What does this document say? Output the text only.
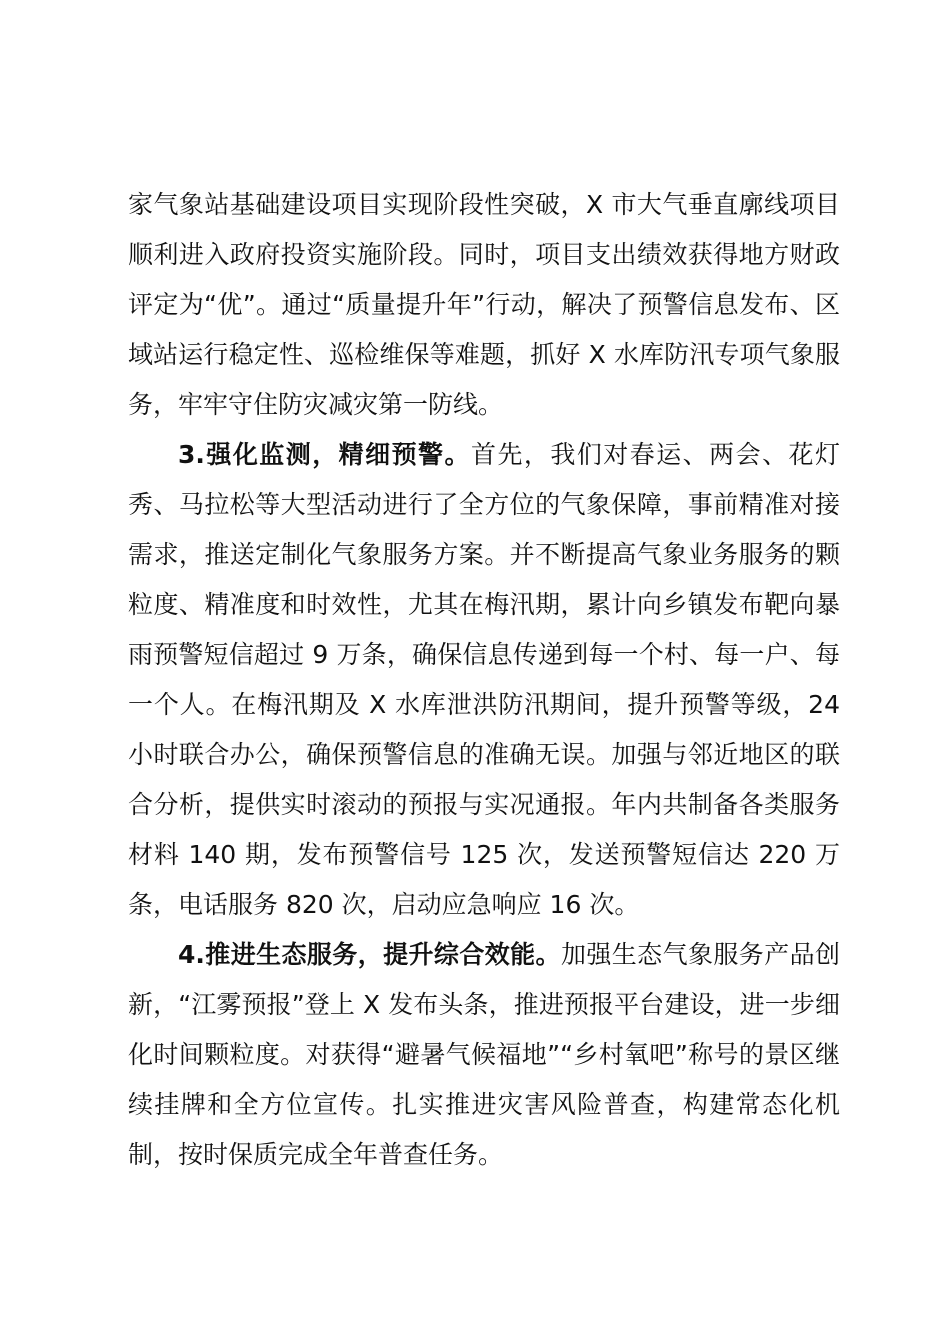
家气象站基础建设项目实现阶段性突破，X 市大气垂直廓线项目顺利进入政府投资实施阶段。同时，项目支出绩效获得地方财政评定为“优”。通过“质量提升年”行动，解决了预警信息发布、区域站运行稳定性、巡检维保等难题，抓好 X 水库防汛专项气象服务，牢牢守住防灾减灾第一防线。

3.强化监测，精细预警。首先，我们对春运、两会、花灯秀、马拉松等大型活动进行了全方位的气象保障，事前精准对接需求，推送定制化气象服务方案。并不断提高气象业务服务的颗粒度、精准度和时效性，尤其在梅汛期，累计向乡镇发布靶向暴雨预警短信超过 9 万条，确保信息传递到每一个村、每一户、每一个人。在梅汛期及 X 水库泄洪防汛期间，提升预警等级，24 小时联合办公，确保预警信息的准确无误。加强与邻近地区的联合分析，提供实时滚动的预报与实况通报。年内共制备各类服务材料 140 期，发布预警信号 125 次，发送预警短信达 220 万条，电话服务 820 次，启动应急响应 16 次。

4.推进生态服务，提升综合效能。加强生态气象服务产品创新，“江雾预报”登上 X 发布头条，推进预报平台建设，进一步细化时间颗粒度。对获得“避暑气候福地”“乡村氧吧”称号的景区继续挂牌和全方位宣传。扎实推进灾害风险普查，构建常态化机制，按时保质完成全年普查任务。
